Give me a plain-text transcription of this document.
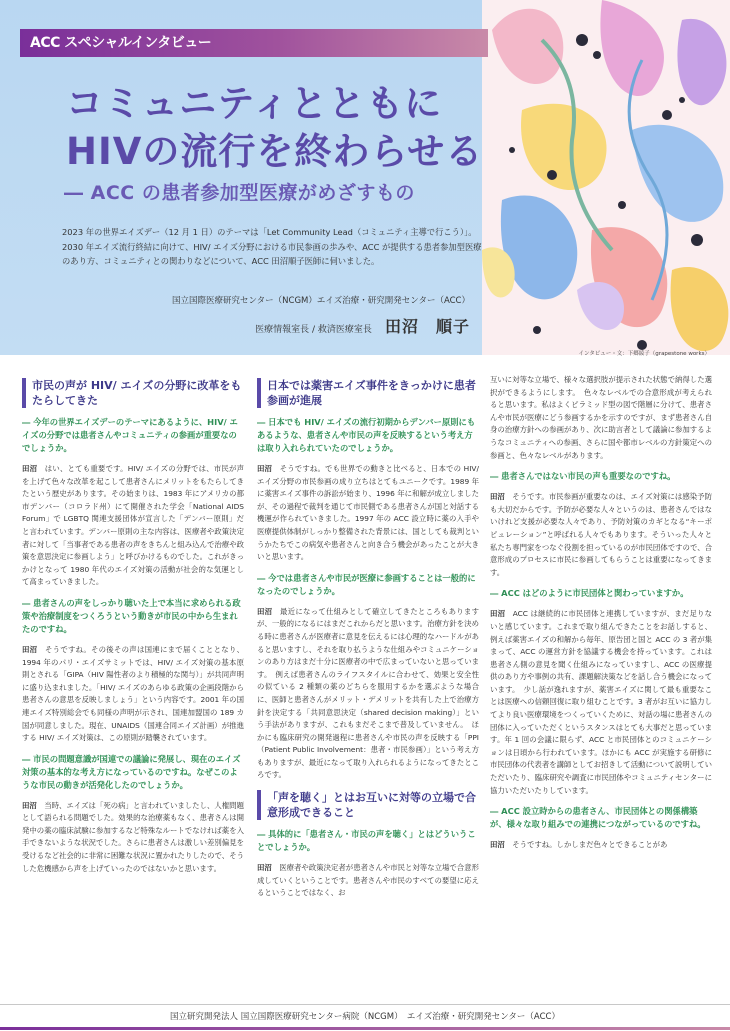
ACC スペシャルインタビュー
コミュニティとともに
HIVの流行を終わらせる
― ACC の患者参加型医療がめざすもの

2023 年の世界エイズデー（12 月 1 日）のテーマは「Let Community Lead（コミュニティ主導で行こう）」。2030 年エイズ流行終結に向けて、HIV/ エイズ分野における市民参画の歩みや、ACC が提供する患者参加型医療のあり方、コミュニティとの関わりなどについて、ACC 田沼順子医師に伺いました。

国立国際医療研究センター（NCGM）エイズ治療・研究開発センター（ACC）
医療情報室長 / 救済医療室長 田沼　順子
インタビュー・文：下郷綾子（grapestone works）
市民の声が HIV/ エイズの分野に改革をもたらしてきた

― 今年の世界エイズデーのテーマにあるように、HIV/ エイズの分野では患者さんやコミュニティの参画が重要なのでしょうか。

田沼　 はい、とても重要です。HIV/ エイズの分野では、市民が声を上げて色々な改革を起こして患者さんにメリットをもたらしてきたという歴史があります。その始まりは、1983 年にアメリカの都市デンバー（コロラド州）にて開催された学会「National AIDS Forum」で LGBTQ 関連支援団体が宣言した「デンバー原則」だと言われています。デンバー原則の主な内容は、医療者や政策決定者に対して「当事者である患者の声をきちんと組み込んで治療や政策を意思決定に参画しよう」と呼びかけるものでした。これがきっかけとなって 1980 年代のエイズ対策の活動が社会的な気運として高まっていきました。

― 患者さんの声をしっかり聴いた上で本当に求められる政策や治療制度をつくろうという動きが市民の中から生まれたのですね。

田沼　 そうですね。その後その声は国連にまで届くこととなり、1994 年のパリ・エイズサミットでは、HIV/ エイズ対策の基本原則とされる「GIPA（HIV 陽性者のより積極的な関与）」が共同声明に盛り込まれました。「HIV/ エイズのあらゆる政策の企画段階から患者さんの意思を反映しましょう」という内容です。2001 年の国連エイズ特別総会でも同様の声明が示され、国連加盟国の 189 カ国が同意しました。現在、UNAIDS（国連合同エイズ計画）が推進する HIV/ エイズ対策は、この原則が踏襲されています。

― 市民の問題意識が国連での議論に発展し、現在のエイズ対策の基本的な考え方になっているのですね。なぜこのような市民の動きが活発化したのでしょうか。

田沼　 当時、エイズは「死の病」と言われていましたし、人権問題として語られる問題でした。効果的な治療薬もなく、患者さんは開発中の薬の臨床試験に参加するなど特殊なルートでなければ薬を入手できないような状況でした。さらに患者さんは激しい差別偏見を受けるなど社会的に非常に困難な状況に置かれたりしたので、そうした危機感から声を上げていったのではないかと思います。

日本では薬害エイズ事件をきっかけに患者参画が進展

― 日本でも HIV/ エイズの流行初期からデンバー原則にもあるような、患者さんや市民の声を反映するという考え方は取り入れられていたのでしょうか。

田沼　 そうですね。でも世界での動きと比べると、日本での HIV/ エイズ分野の市民参画の成り立ちはとてもユニークです。1989 年に薬害エイズ事件の訴訟が始まり、1996 年に和解が成立しましたが、その過程で裁判を通じて市民側である患者さんが国と対話する機運が作られていきました。1997 年の ACC 設立時に薬の入手や医療提供体制がしっかり整備された背景には、国としても裁判というかたちでこの病気や患者さんと向き合う機会があったことが大きいと思います。

― 今では患者さんや市民が医療に参画することは一般的になったのでしょうか。

田沼　 最近になって仕組みとして確立してきたところもありますが、一般的になるにはまだこれからだと思います。治療方針を決める時に患者さんが医療者に意見を伝えるには心理的なハードルがあると思いますし、それを取り払うような仕組みやコミュニケーションのあり方はまだ十分に医療者の中で広まっていないと思っています。　例えば患者さんのライフスタイルに合わせて、効果と安全性の似ている 2 種類の薬のどちらを服用するかを選ぶような場合に、医師と患者さんがメリット・デメリットを共有した上で治療方針を決定する「共同意思決定（shared decision making）」という手法がありますが、これもまだそこまで普及していません。　ほかにも臨床研究の開発過程に患者さんや市民の声を反映する「PPI（Patient Public Involvement：患者・市民参画）」という考え方もありますが、最近になって取り入れられるようになってきたところです。

「声を聴く」とはお互いに対等の立場で合意形成できること

― 具体的に「患者さん・市民の声を聴く」とはどういうことでしょうか。

田沼　 医療者や政策決定者が患者さんや市民と対等な立場で合意形成していくということです。患者さんや市民のすべての要望に応えるということではなく、お

互いに対等な立場で、様々な選択肢が提示された状態で納得した選択ができるようにします。　色々なレベルでの合意形成が考えられると思います。私はよくピラミッド型の図で階層に分けて、患者さんや市民が医療にどう参画するかを示すのですが、まず患者さん自身の治療方針への参画があり、次に助言者として議論に参加するようなコミュニティへの参画、さらに国や都市レベルの方針策定への参画と、色々なレベルがあります。

― 患者さんではない市民の声も重要なのですね。

田沼　 そうです。市民参画が重要なのは、エイズ対策には感染予防も大切だからです。予防が必要な人々というのは、患者さんではないけれど支援が必要な人々であり、予防対策のカギとなる“キーポピュレーション”と呼ばれる人々でもあります。そういった人々と私たち専門家をつなぐ役割を担っているのが市民団体ですので、合意形成のプロセスに市民に参画してもらうことは重要になってきます。

― ACC はどのように市民団体と関わっていますか。

田沼　 ACC は継続的に市民団体と連携していますが、まだ足りないと感じています。これまで取り組んできたことをお話しすると、例えば薬害エイズの和解から毎年、原告団と国と ACC の 3 者が集まって、ACC の運営方針を協議する機会を持っています。これは患者さん側の意見を聞く仕組みになっていますし、ACC の医療提供のあり方や事例の共有、課題解決策などを話し合う機会になっています。　少し話が逸れますが、薬害エイズに関して最も重要なことは医療への信頼回復に取り組むことです。3 者がお互いに協力してより良い医療環境をつくっていくために、対話の場に患者さんの団体に入っていただくというスタンスはとても大事だと思っています。年 1 回の会議に限らず、ACC と市民団体とのコミュニケーションは日頃から行われています。ほかにも ACC が実施する研修に市民団体の代表者を講師としてお招きして活動について説明していただいたり、臨床研究や調査に市民団体やコミュニティセンターに協力いただいたりしています。

― ACC 設立時からの患者さん、市民団体との関係構築が、様々な取り組みでの連携につながっているのですね。

田沼　 そうですね。しかしまだ色々とできることがあ

国立研究開発法人 国立国際医療研究センター病院（NCGM）　エイズ治療・研究開発センター（ACC）
